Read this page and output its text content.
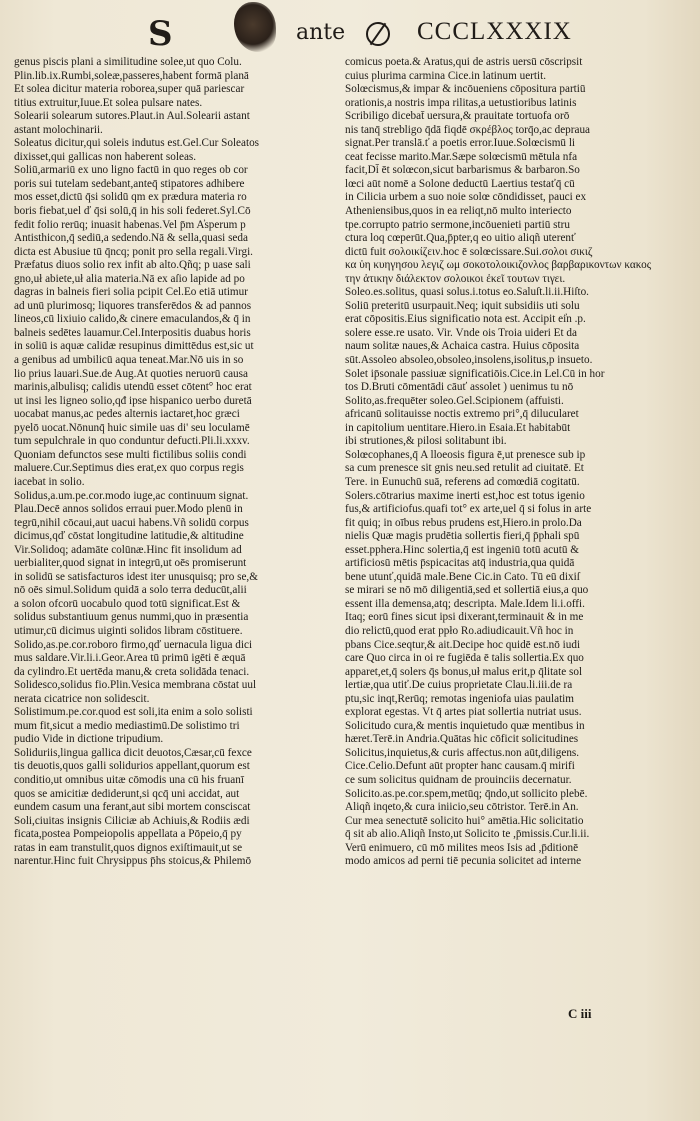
S	ante	CCCLXXXIX
genus piscis plani a similitudine solee,ut quo Colu.
Plin.lib.ix.Rumbi,soleæ,passeres,habent formā planā
Et solea dicitur materia roborea,super quā pariescar
titius extruitur,Iuue.Et solea pulsare nates.
Solearii solearum sutores.Plaut.in Aul.Solearii astant
astant molochinarii.
Soleatus dicitur,qui soleis indutus est.Gel.Cur Soleatos
dixisset,qui gallicas non haberent soleas.
Soliū,armariū ex uno ligno factū in quo reges ob cor
poris sui tutelam sedebant,anteq̄ stipatores adhibere
mos esset,dictū q̄si solidū qm ex prædura materia ro
boris fiebat,uel ď q̄si solū,q̄ in his soli federet.Syl.Cō
fedit folio rerūq; inuasit habenas.Vel p̄m A̓sperum p
Antisthicon,q̄ sediū,a sedendo.Nā & sella,quasi seda
dicta est Abusiue tū q̄ncq; ponit pro sella regali.Virgi.
Præfatus diuos solio rex infit ab alto.Qñq; p uase sali
gno,uł abiete,uł alia materia.Nā ex aſio lapide ad po
dagras in balneis fieri solia pcipit Cel.Eo etiā utimur
ad unū plurimosq; liquores transferēdos & ad pannos
lineos,cū lixiuio calido,& cinere emaculandos,& q̄ in
balneis sedētes lauamur.Cel.Interpositis duabus horis
in soliū is aquæ calidæ resupinus dimittēdus est,sic ut
a genibus ad umbilicū aqua teneat.Mar.Nō uis in so
lio prius lauari.Sue.de Aug.At quoties neruorū causa
marinis,albulisq; calidis utendū esset cōtent° hoc erat
ut insi les ligneo solio,qđ ipse hispanico uerbo duretā
uocabat manus,ac pedes alternis iactaret,hoc græci
pyelō uocat.Nōnunq̄ huic simile uas di' seu loculamē
tum sepulchrale in quo conduntur defucti.Pli.li.xxxv.
Quoniam defunctos sese multi fictilibus soliis condi
maluere.Cur.Septimus dies erat,ex quo corpus regis
iacebat in solio.
Solidus,a.um.pe.cor.modo iuge,ac continuum signat.
Plau.Decē annos solidos erraui puer.Modo plenū in
tegrū,nihil cōcaui,aut uacui habens.Vñ solidū corpus
dicimus,qď cōstat longitudine latitudie,& altitudine
Vir.Solidoq; adamāte colūnæ.Hinc fit insolidum ad
uerbialiter,quod signat in integrū,ut oēs promiserunt
in solidū se satisfacturos idest iter unusquisq; pro se,&
nō oēs simul.Solidum quidā a solo terra deducūt,alii
a solon ofcorū uocabulo quod totū significat.Est &
solidus substantiuum genus nummi,quo in præsentia
utimur,cū dicimus uiginti solidos libram cōstituere.
Solido,as.pe.cor.roboro firmo,qď uernacula ligua dici
mus saldare.Vir.li.i.Geor.Area tū primū igēti ē æquā
da cylindro.Et uertēda manu,& creta solidāda tenaci.
Solidesco,solidus fio.Plin.Vesica membrana cōstat uul
nerata cicatrice non solidescit.
Solistimum.pe.cor.quod est soli,ita enim a solo solisti
mum fit,sicut a medio mediastimū.De solistimo tri
pudio Vide in dictione tripudium.
Soliduriis,lingua gallica dicit deuotos,Cæsar,cū fexce
tis deuotis,quos galli solidurios appellant,quorum est
conditio,ut omnibus uitæ cōmodis una cū his fruanī
quos se amicitiæ dediderunt,si qcq̄ uni accidat, aut
eundem casum una ferant,aut sibi mortem consciscat
Soli,ciuitas insignis Ciliciæ ab Achiuis,& Rodiis ædi
ficata,postea Pompeiopolis appellata a Pōpeio,q̄ py
ratas in eam transtulit,quos dignos exiſtimauit,ut se
narentur.Hinc fuit Chrysippus p̄hs stoicus,& Philemō
comicus poeta.& Aratus,qui de astris uersū cōscripsit
cuius plurima carmina Cice.in latinum uertit.
Solœcismus,& impar & incōueniens cōpositura partiū
orationis,a nostris impa rilitas,a uetustioribus latinis
Scribiligo dicebat̄ uersura,& prauitate tortuofa orō
nis tanq̄ strebligo q̄dā fiqdē σκρέβλος torq̄o,ac depraua
signat.Per translā.ť a poetis error.Iuue.Solœcismū li
ceat fecisse marito.Mar.Sæpe solœcismū mētula nfa
facit,Di͏̄ ēt solœcon,sicut barbarismus & barbaron.So
lœci aūt nomē a Solone deductū Laertius testaťq̄ cū
in Cilicia urbem a suo noie solœ cōndidisset, pauci ex
Atheniensibus,quos in ea reliqt,nō multo interiecto
tpe.corrupto patrio sermone,incōuenieti partiū stru
ctura loq cœperūt.Qua,p̄pter,q eo uitio aliqñ uterenť
dictū fuit σολοικίζειν.hoc ē solœcissare.Sui.σολοι σικιζ
κα ὑη κυηγησου λεγιζ ωμ σοκοτολοικιζονλος βαρβαρικοντων κακος
την ἀτικην διάλεκτον σολοικοι ἐκεῖ τουτων τιγει.
Soleo.es.solitus, quasi solus.i.totus eo.Saluſt.li.ii.Hiſto.
Soliū preteritū usurpauit.Neq; iquit subsidiis uti solu
erat cōpositis.Eius significatio nota est. Accipit ei̓n .p.
solere esse.re usato. Vir. Vnde ois Troia uideri Et da
naum solitæ naues,& Achaica castra. Huius cōposita
sūt.Assoleo absoleo,obsoleo,insolens,isolitus,p insueto.
Solet ip̄sonale passiuæ significatiōis.Cice.in Lel.Cū in hor
tos D.Bruti cōmentādi cāuť assolet ) uenimus tu nō
Solito,as.frequēter soleo.Gel.Scipionem (affuisti.
africanū solitauisse noctis extremo pri°,q̄ dilucularet
in capitolium uentitare.Hiero.in Esaia.Et habitabūt
ibi strutiones,& pilosi solitabunt ibi.
Solœcophanes,q̄ A lloeosis figura ē,ut prenesce sub ip
sa cum prenesce sit gnis neu.sed retulit ad ciuitatē. Et
Tere. in Eunuchū suā, referens ad comœdiā cogitatū.
Solers.cōtrarius maxime inerti est,hoc est totus igenio
fus,& artificiofus.quafi tot° ex arte,uel q̄ si folus in arte
fit quiq; in oībus rebus prudens est,Hiero.in prolo.Da
nielis Quæ magis prudētia sollertis fieri,q̄ p̄phali spū
esset.pphera.Hinc solertia,q̄ est ingeniū totū acutū &
artificiosū mētis p̄spicacitas atq̄ industria,qua quidā
bene utunť,quidā male.Bene Cic.in Cato. Tū eū dixiſ
se mirari se nō mō diligentiā,sed et sollertiā eius,a quo
essent illa demensa,atq; descripta. Male.Idem li.i.offi.
Itaq; eorū fines sicut ipsi dixerant,terminauit & in me
dio relictū,quod erat ppło Ro.adiudicauit.Vñ hoc in
pbans Cice.seqtur,& ait.Decipe hoc quidē est.nō iudi
care Quo circa in oi re fugiēda ē talis sollertia.Ex quo
apparet,et,q̄ solers q̄s bonus,uł malus erit,p q̄litate sol
lertiæ,qua utiť.De cuius proprietate Clau.li.iii.de ra
ptu,sic inqt,Rerūq; remotas ingeniofa uias paulatim
explorat egestas. Vt q̄ artes piat sollertia nutriat usus.
Solicitudo cura,& mentis inquietudo quæ mentibus in
hæret.Terē.in Andria.Quātas hic cōficit solicitudines
Solicitus,inquietus,& curis affectus.non aūt,diligens.
Cice.Celio.Defunt aūt propter hanc causam.q̄ mirifi
ce sum solicitus quidnam de prouinciis decernatur.
Solicito.as.pe.cor.spem,metūq; q̄ndo,ut sollicito plebē.
Aliqñ inqeto,& cura iniicio,seu cōtristor. Terē.in An.
Cur mea senectutē solicito hui° amētia.Hic solicitatio
q̄ sit ab alio.Aliqñ Insto,ut Solicito te ,p̄missis.Cur.li.ii.
Verū enimuero, cū mō milites meos Isis ad ,p̄ditionē
modo amicos ad perni tiē pecunia solicitet ad interne
C iii
